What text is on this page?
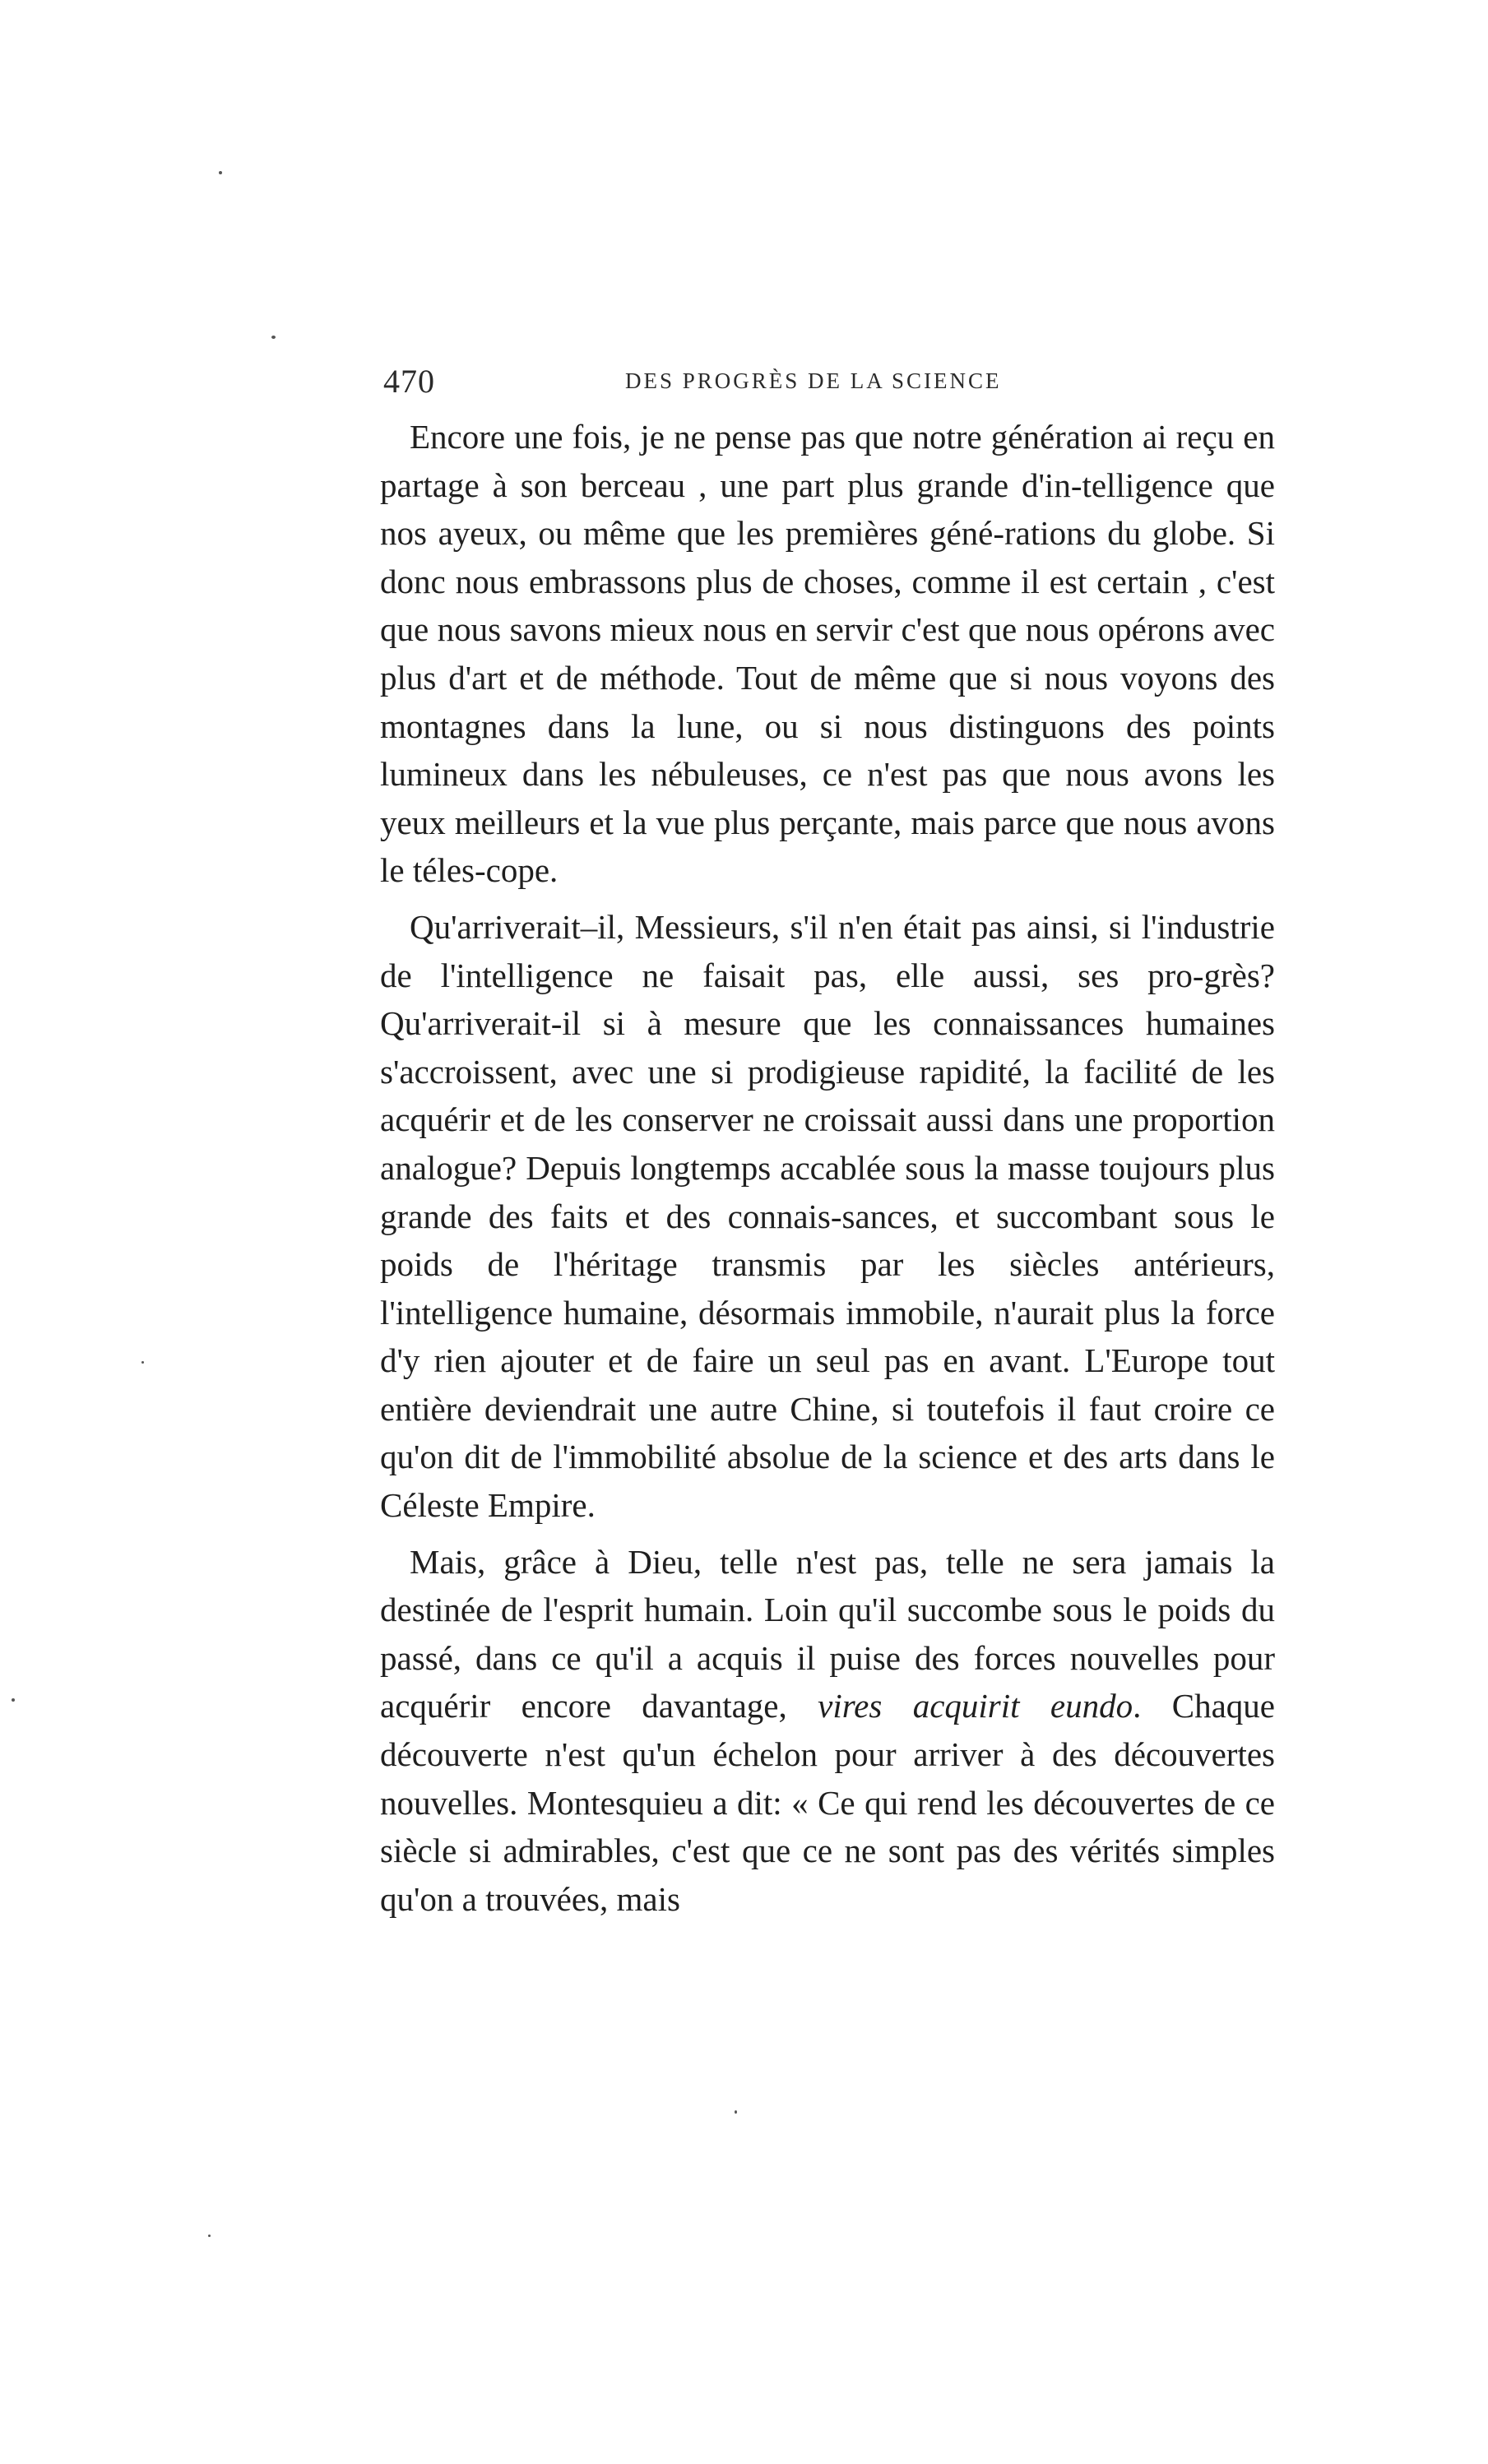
470	DES PROGRÈS DE LA SCIENCE

Encore une fois, je ne pense pas que notre génération ai reçu en partage à son berceau , une part plus grande d'in-telligence que nos ayeux, ou même que les premières géné-rations du globe. Si donc nous embrassons plus de choses, comme il est certain , c'est que nous savons mieux nous en servir c'est que nous opérons avec plus d'art et de méthode. Tout de même que si nous voyons des montagnes dans la lune, ou si nous distinguons des points lumineux dans les nébuleuses, ce n'est pas que nous avons les yeux meilleurs et la vue plus perçante, mais parce que nous avons le téles-cope.

Qu'arriverait–il, Messieurs, s'il n'en était pas ainsi, si l'industrie de l'intelligence ne faisait pas, elle aussi, ses pro-grès? Qu'arriverait-il si à mesure que les connaissances humaines s'accroissent, avec une si prodigieuse rapidité, la facilité de les acquérir et de les conserver ne croissait aussi dans une proportion analogue? Depuis longtemps accablée sous la masse toujours plus grande des faits et des connais-sances, et succombant sous le poids de l'héritage transmis par les siècles antérieurs, l'intelligence humaine, désormais immobile, n'aurait plus la force d'y rien ajouter et de faire un seul pas en avant. L'Europe tout entière deviendrait une autre Chine, si toutefois il faut croire ce qu'on dit de l'immobilité absolue de la science et des arts dans le Céleste Empire.

Mais, grâce à Dieu, telle n'est pas, telle ne sera jamais la destinée de l'esprit humain. Loin qu'il succombe sous le poids du passé, dans ce qu'il a acquis il puise des forces nouvelles pour acquérir encore davantage, vires acquirit eundo. Chaque découverte n'est qu'un échelon pour arriver à des découvertes nouvelles. Montesquieu a dit: « Ce qui rend les découvertes de ce siècle si admirables, c'est que ce ne sont pas des vérités simples qu'on a trouvées, mais
